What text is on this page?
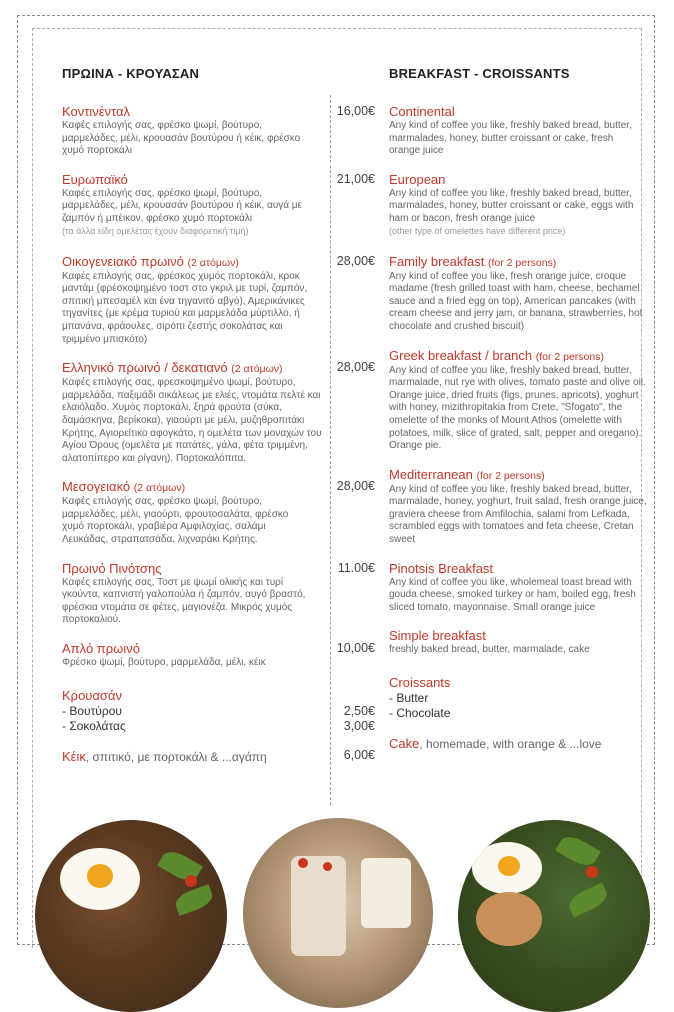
ΠΡΩΙΝΑ - ΚΡΟΥΑΣΑΝ
Κοντινένταλ	16,00€
Καφές επιλογής σας, φρέσκο ψωμί, βούτυρο, μαρμελάδες, μέλι, κρουασάν βουτύρου ή κέικ, φρέσκο χυμό πορτοκάλι
Ευρωπαϊκό	21,00€
Καφές επιλογής σας, φρέσκο ψωμί, βούτυρο, μαρμελάδες, μέλι, κρουασάν βουτύρου ή κέικ, αυγά με ζαμπόν ή μπέικον, φρέσκο χυμό πορτοκάλι
(τα άλλα είδη ομελέτας έχουν διαφορετική τιμή)
Οικογενειακό πρωινό (2 ατόμων)	28,00€
Καφές επιλογής σας, φρέσκος χυμός πορτοκάλι, κροκ μαντάμ (φρέσκοψημένο τοστ στο γκριλ με τυρί, ζαμπόν, σπιτική μπεσαμέλ και ένα τηγανιτό αβγό), Αμερικάνικες τηγανίτες (με κρέμα τυριού και μαρμελάδα μύρτιλλο, ή μπανάνα, φράουλες, σιρόπι ζεστής σοκολάτας και τριμμένο μπισκότο)
Ελληνικό πρωινό / δεκατιανό (2 ατόμων)	28,00€
Καφές επιλογής σας, φρεσκοψημένο ψωμί, βούτυρο, μαρμελάδα, παξιμάδι σικάλεως με ελιές, ντομάτα πελτέ και ελαιόλαδο. Χυμός πορτοκάλι, ξηρά φρούτα (σύκα, δαμάσκηνα, βερίκοκα), γιαούρτι με μέλι, μυζηθροπιτάκι Κρήτης, Αγιορείτικο αφογκάτο, η ομελέτα των μοναχών του Αγίου Όρους (ομελέτα με πατάτες, γάλα, φέτα τριμμένη, αλατοπίπερο και ρίγανη). Πορτοκαλόπιτα.
Μεσογειακό (2 ατόμων)	28,00€
Καφές επιλογής σας, φρέσκο ψωμί, βούτυρο, μαρμελάδες, μέλι, γιαούρτι, φρουτοσαλάτα, φρέσκο χυμό πορτοκάλι, γραβιέρα Αμφιλοχίας, σαλάμι Λευκάδας, στραπατσάδα, λιχναράκι Κρήτης.
Πρωινό Πινότσης	11.00€
Καφές επιλογής σας, Τοστ με ψωμί ολικής και τυρί γκούντα, καπνιστή γαλοπούλα ή ζαμπόν, αυγό βραστό, φρέσκια ντομάτα σε φέτες, μαγιονέζα. Μικρός χυμός πορτοκαλιού.
Απλό πρωινό	10,00€
Φρέσκο ψωμί, βούτυρο, μαρμελάδα, μέλι, κέικ
Κρουασάν
- Βουτύρου	2,50€
- Σοκολάτας	3,00€
Κέικ, σπιτικό, με πορτοκάλι & ...αγάπη	6,00€
BREAKFAST - CROISSANTS
Continental
Any kind of coffee you like, freshly baked bread, butter, marmalades, honey, butter croissant or cake, fresh orange juice
European
Any kind of coffee you like, freshly baked bread, butter, marmalades, honey, butter croissant or cake, eggs with ham or bacon, fresh orange juice
(other type of omelettes have different price)
Family breakfast (for 2 persons)
Any kind of coffee you like, fresh orange juice, croque madame (fresh grilled toast with ham, cheese, bechamel sauce and a fried egg on top), American pancakes (with cream cheese and jerry jam, or banana, strawberries, hot chocolate and crushed biscuit)
Greek breakfast / branch (for 2 persons)
Any kind of coffee you like, freshly baked bread, butter, marmalade, nut rye with olives, tomato paste and olive oil. Orange juice, dried fruits (figs, prunes, apricots), yoghurt with honey, mizithropitakia from Crete, "Sfogato", the omelette of the monks of Mount Athos (omelette with potatoes, milk, slice of grated, salt, pepper and oregano). Orange pie.
Mediterranean (for 2 persons)
Any kind of coffee you like, freshly baked bread, butter, marmalade, honey, yoghurt, fruit salad, fresh orange juice, graviera cheese from Amfilochia, salami from Lefkada, scrambled eggs with tomatoes and feta cheese, Cretan sweet
Pinotsis Breakfast
Any kind of coffee you like, wholemeal toast bread with gouda cheese, smoked turkey or ham, boiled egg, fresh sliced tomato, mayonnaise. Small orange juice
Simple breakfast
freshly baked bread, butter, marmalade, cake
Croissants
- Butter
- Chocolate
Cake, homemade, with orange & ...love
